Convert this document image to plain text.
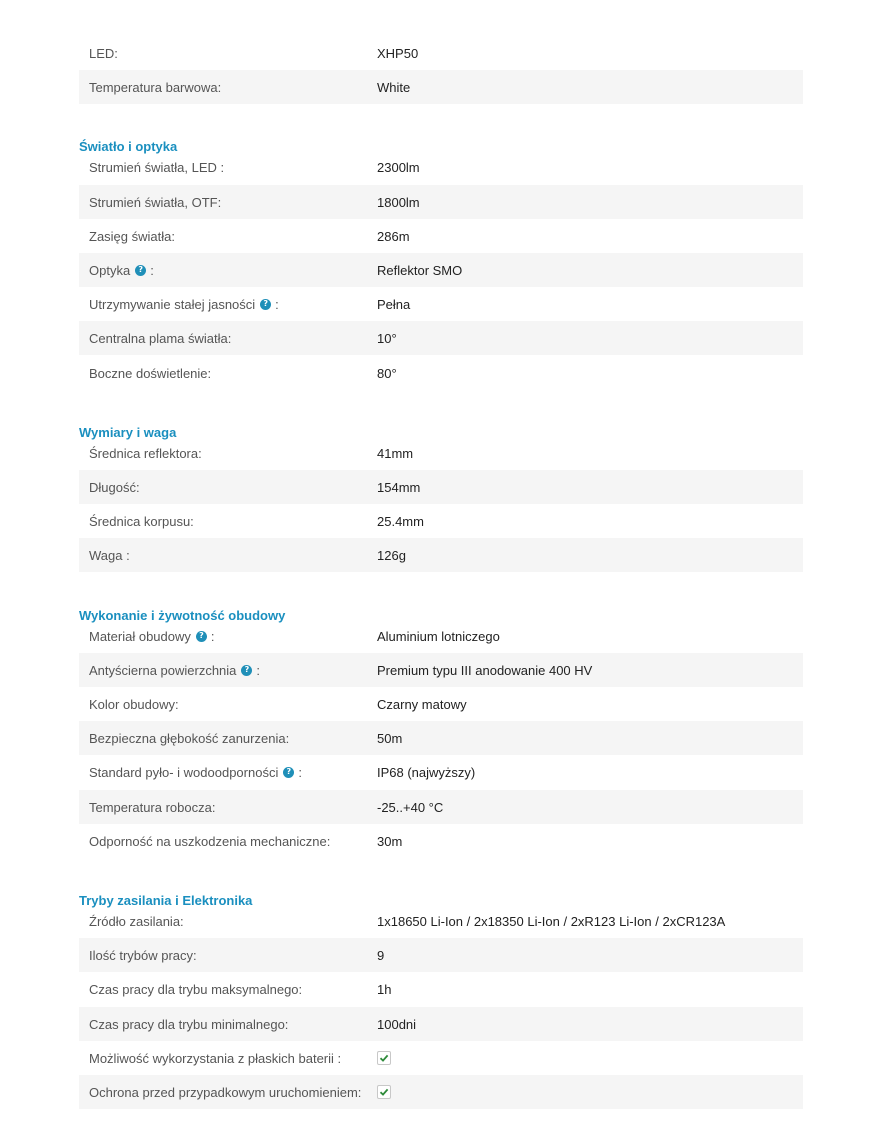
LED:	XHP50
Temperatura barwowa:	White
Światło i optyka
Strumień światła, LED :	2300lm
Strumień światła, OTF:	1800lm
Zasięg światła:	286m
Optyka	? :	Reflektor SMO
Utrzymywanie stałej jasności	? :	Pełna
Centralna plama światła:	10°
Boczne doświetlenie:	80°
Wymiary i waga
Średnica reflektora:	41mm
Długość:	154mm
Średnica korpusu:	25.4mm
Waga :	126g
Wykonanie i żywotność obudowy
Materiał obudowy	? :	Aluminium lotniczego
Antyścierna powierzchnia	? :	Premium typu III anodowanie 400 HV
Kolor obudowy:	Czarny matowy
Bezpieczna głębokość zanurzenia:	50m
Standard pyło- i wodoodporności	? :	IP68 (najwyższy)
Temperatura robocza:	-25..+40 °C
Odporność na uszkodzenia mechaniczne:	30m
Tryby zasilania i Elektronika
Źródło zasilania:	1x18650 Li-Ion / 2x18350 Li-Ion / 2xR123 Li-Ion / 2xCR123A
Ilość trybów pracy:	9
Czas pracy dla trybu maksymalnego:	1h
Czas pracy dla trybu minimalnego:	100dni
Możliwość wykorzystania z płaskich baterii :
Ochrona przed przypadkowym uruchomieniem:
